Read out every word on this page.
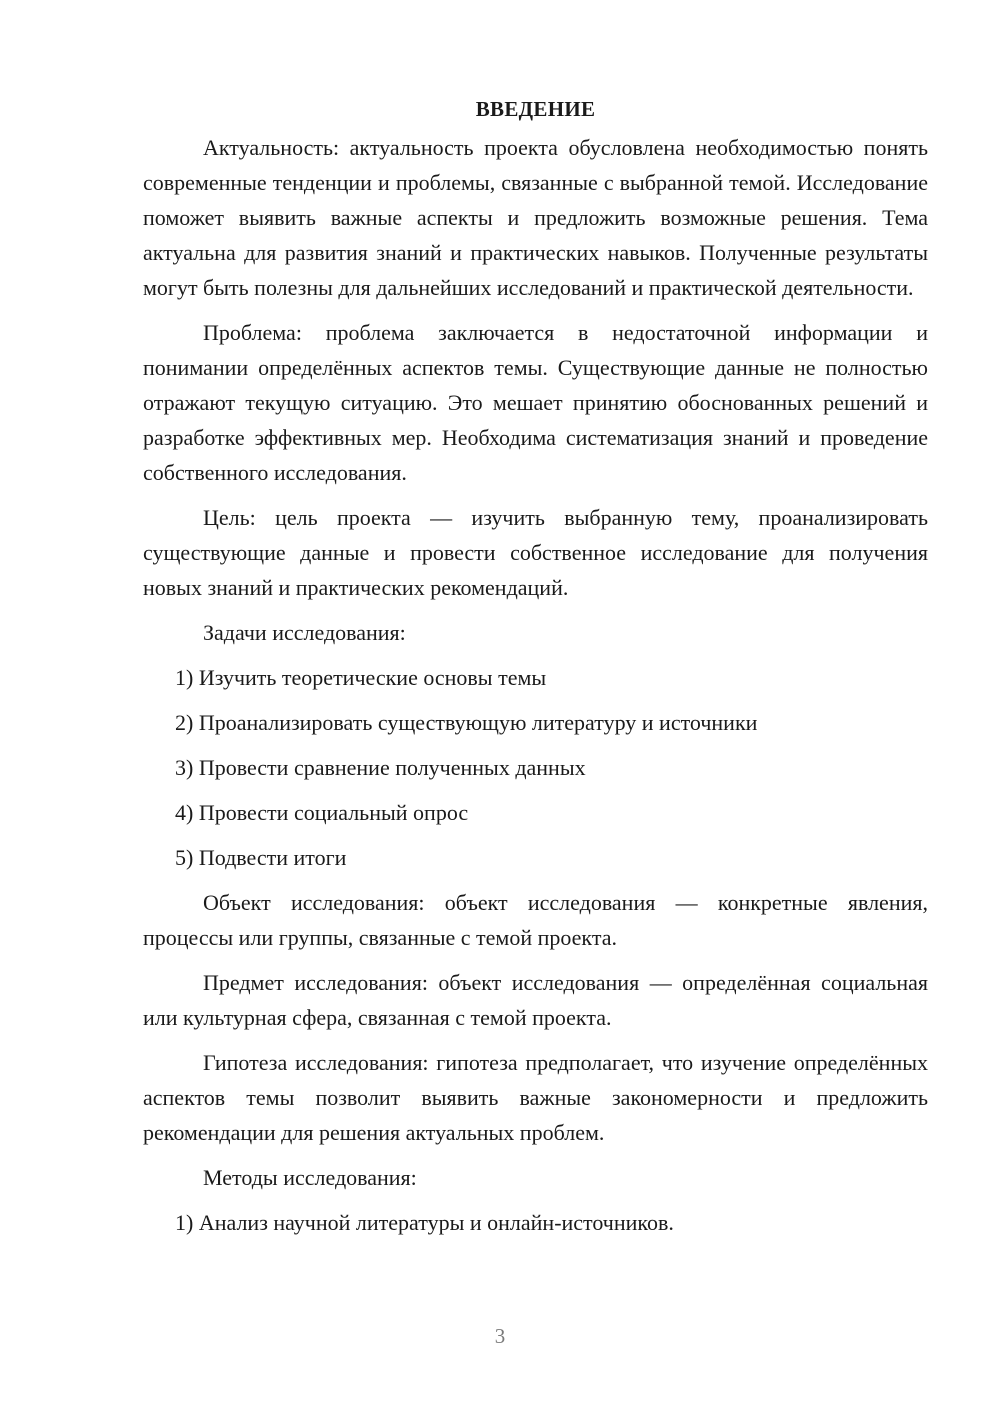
ВВЕДЕНИЕ

Актуальность: актуальность проекта обусловлена необходимостью понять современные тенденции и проблемы, связанные с выбранной темой. Исследование поможет выявить важные аспекты и предложить возможные решения. Тема актуальна для развития знаний и практических навыков. Полученные результаты могут быть полезны для дальнейших исследований и практической деятельности.

Проблема: проблема заключается в недостаточной информации и понимании определённых аспектов темы. Существующие данные не полностью отражают текущую ситуацию. Это мешает принятию обоснованных решений и разработке эффективных мер. Необходима систематизация знаний и проведение собственного исследования.

Цель: цель проекта — изучить выбранную тему, проанализировать существующие данные и провести собственное исследование для получения новых знаний и практических рекомендаций.

Задачи исследования:

1) Изучить теоретические основы темы
2) Проанализировать существующую литературу и источники
3) Провести сравнение полученных данных
4) Провести социальный опрос
5) Подвести итоги

Объект исследования: объект исследования — конкретные явления, процессы или группы, связанные с темой проекта.

Предмет исследования: объект исследования — определённая социальная или культурная сфера, связанная с темой проекта.

Гипотеза исследования: гипотеза предполагает, что изучение определённых аспектов темы позволит выявить важные закономерности и предложить рекомендации для решения актуальных проблем.

Методы исследования:

1) Анализ научной литературы и онлайн-источников.
3
